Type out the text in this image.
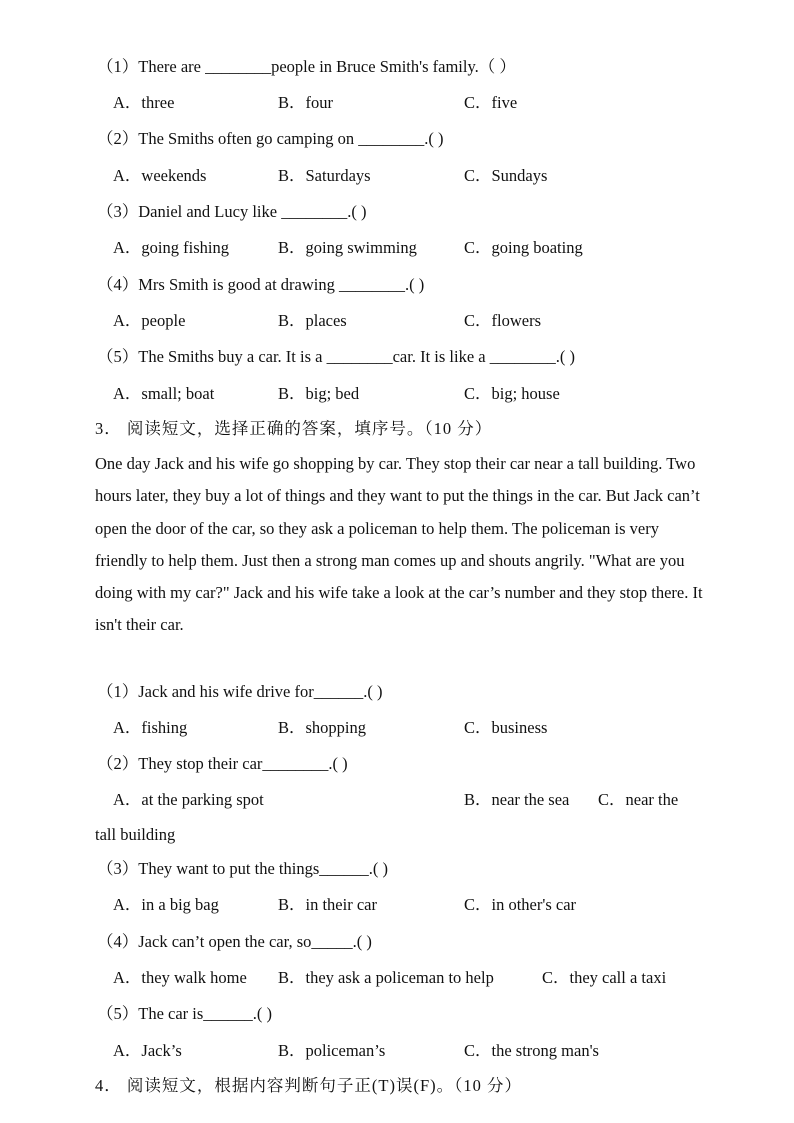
（1）There are ________people in Bruce Smith's family.（ ）
A．three	B．four	C．five
（2）The Smiths often go camping on ________.( )
A．weekends	B．Saturdays	C．Sundays
（3）Daniel and Lucy like ________.( )
A．going fishing	B．going swimming	C．going boating
（4）Mrs Smith is good at drawing ________.( )
A．people	B．places	C．flowers
（5）The Smiths buy a car. It is a ________car. It is like a ________.( )
A．small; boat	B．big; bed	C．big; house
3． 阅读短文，选择正确的答案，填序号。（10 分）
One day Jack and his wife go shopping by car. They stop their car near a tall building. Two hours later, they buy a lot of things and they want to put the things in the car. But Jack can’t open the door of the car, so they ask a policeman to help them. The policeman is very friendly to help them. Just then a strong man comes up and shouts angrily. "What are you doing with my car?" Jack and his wife take a look at the car’s number and they stop there. It isn't their car.
（1）Jack and his wife drive for______.( )
A．fishing	B．shopping	C．business
（2）They stop their car________.( )
A．at the parking spot	B．near the sea C．near the
tall building
（3）They want to put the things______.( )
A．in a big bag	B．in their car	C．in other's car
（4）Jack can’t open the car, so_____.( )
A．they walk home B．they ask a policeman to help	C．they call a taxi
（5）The car is______.( )
A．Jack’s	B．policeman’s	C．the strong man's
4． 阅读短文，根据内容判断句子正(T)误(F)。（10 分）
